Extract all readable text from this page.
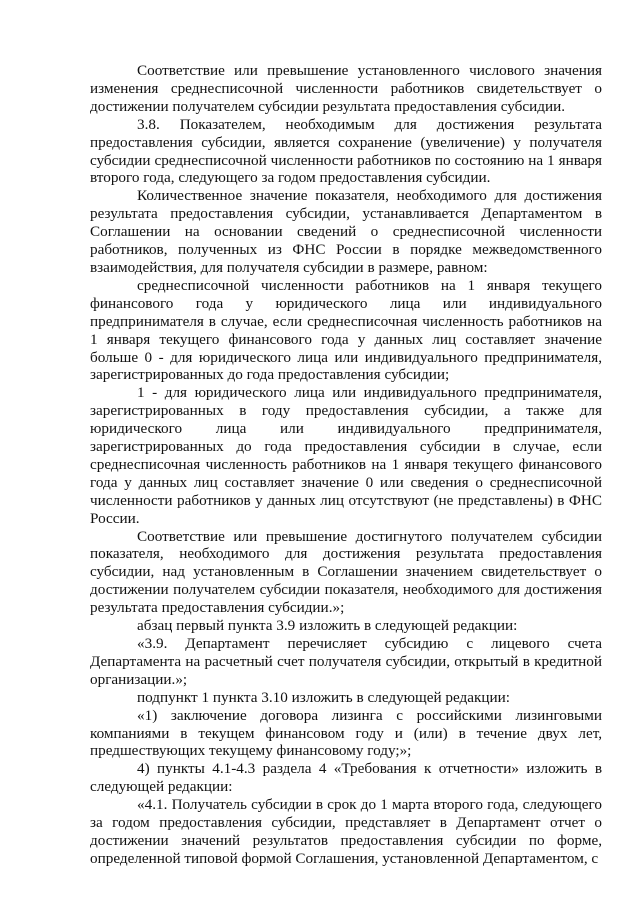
Соответствие или превышение установленного числового значения изменения среднесписочной численности работников свидетельствует о достижении получателем субсидии результата предоставления субсидии.

3.8. Показателем, необходимым для достижения результата предоставления субсидии, является сохранение (увеличение) у получателя субсидии среднесписочной численности работников по состоянию на 1 января второго года, следующего за годом предоставления субсидии.

Количественное значение показателя, необходимого для достижения результата предоставления субсидии, устанавливается Департаментом в Соглашении на основании сведений о среднесписочной численности работников, полученных из ФНС России в порядке межведомственного взаимодействия, для получателя субсидии в размере, равном:

среднесписочной численности работников на 1 января текущего финансового года у юридического лица или индивидуального предпринимателя в случае, если среднесписочная численность работников на 1 января текущего финансового года у данных лиц составляет значение больше 0 - для юридического лица или индивидуального предпринимателя, зарегистрированных до года предоставления субсидии;

1 - для юридического лица или индивидуального предпринимателя, зарегистрированных в году предоставления субсидии, а также для юридического лица или индивидуального предпринимателя, зарегистрированных до года предоставления субсидии в случае, если среднесписочная численность работников на 1 января текущего финансового года у данных лиц составляет значение 0 или сведения о среднесписочной численности работников у данных лиц отсутствуют (не представлены) в ФНС России.

Соответствие или превышение достигнутого получателем субсидии показателя, необходимого для достижения результата предоставления субсидии, над установленным в Соглашении значением свидетельствует о достижении получателем субсидии показателя, необходимого для достижения результата предоставления субсидии.»;

абзац первый пункта 3.9 изложить в следующей редакции:

«3.9. Департамент перечисляет субсидию с лицевого счета Департамента на расчетный счет получателя субсидии, открытый в кредитной организации.»;

подпункт 1 пункта 3.10 изложить в следующей редакции:

«1) заключение договора лизинга с российскими лизинговыми компаниями в текущем финансовом году и (или) в течение двух лет, предшествующих текущему финансовому году;»;

4) пункты 4.1-4.3 раздела 4 «Требования к отчетности» изложить в следующей редакции:

«4.1. Получатель субсидии в срок до 1 марта второго года, следующего за годом предоставления субсидии, представляет в Департамент отчет о достижении значений результатов предоставления субсидии по форме, определенной типовой формой Соглашения, установленной Департаментом, с
